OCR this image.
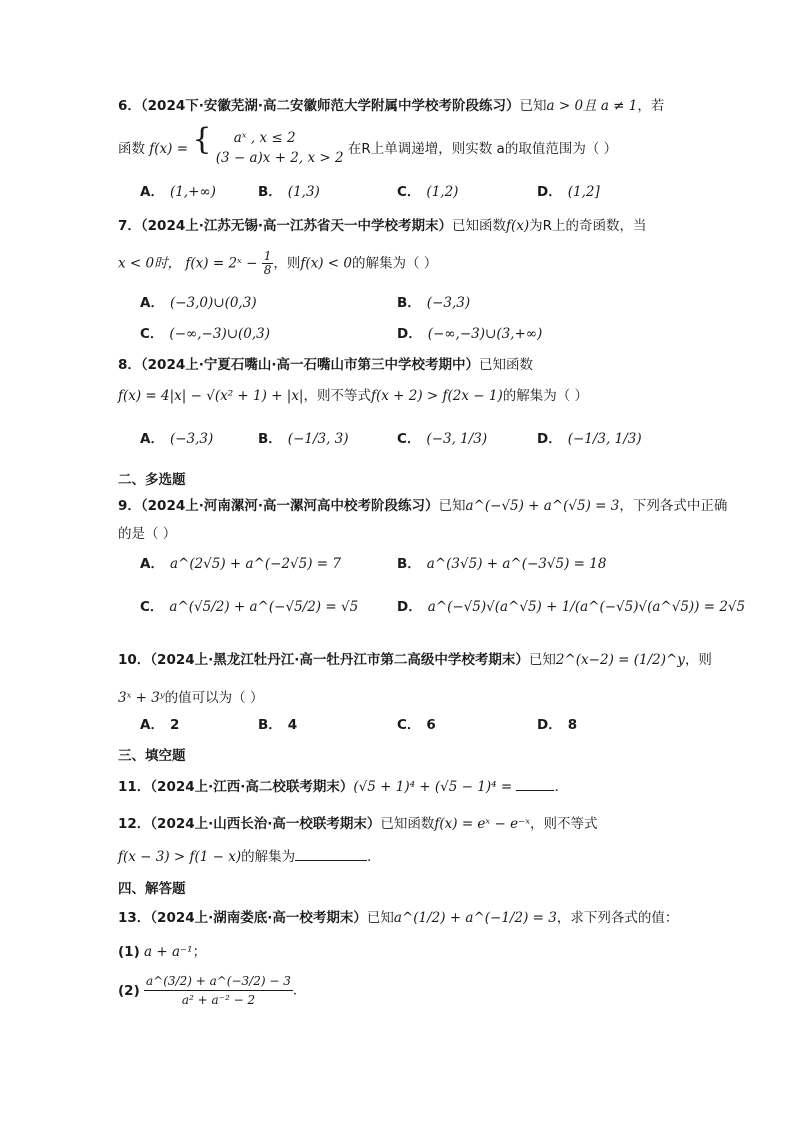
6．（2024下·安徽芜湖·高二安徽师范大学附属中学校考阶段练习）已知a > 0且 a ≠ 1，若
函数 f(x) = {	aˣ , x ≤ 2
(3 − a)x + 2, x > 2
在R上单调递增，则实数 a的取值范围为（ ）
A． (1,+∞)	B． (1,3)	C． (1,2)	D． (1,2]
7．（2024上·江苏无锡·高一江苏省天一中学校考期末）已知函数f(x)为R上的奇函数，当
x < 0时， f(x) = 2ˣ − $\frac{1}{8}$ ，则f(x) < 0的解集为（ ）
A． (−3,0)∪(0,3)	B． (−3,3)
C． (−∞,−3)∪(0,3)	D． (−∞,−3)∪(3,+∞)
8．（2024上·宁夏石嘴山·高一石嘴山市第三中学校考期中）已知函数
f(x) = 4|x| − √(x² + 1) + |x|，则不等式f(x + 2) > f(2x − 1)的解集为（ ）
A． (−3,3)	B． (−1/3, 3)	C． (−3, 1/3)	D． (−1/3, 1/3)
二、多选题
9．（2024上·河南漯河·高一漯河高中校考阶段练习）已知a^(−√5) + a^(√5) = 3，下列各式中正确
的是（ ）
A． a^(2√5) + a^(−2√5) = 7	B． a^(3√5) + a^(−3√5) = 18
C． a^(√5/2) + a^(−√5/2) = √5	D． a^(−√5)√(a^√5) + 1/(a^(−√5)√(a^√5)) = 2√5
10．（2024上·黑龙江牡丹江·高一牡丹江市第二高级中学校考期末）已知2^(x−2) = (1/2)^y，则
3ˣ + 3ʸ的值可以为（ ）
A． 2	B． 4	C． 6	D． 8
三、填空题
11．（2024上·江西·高二校联考期末）(√5 + 1)⁴ + (√5 − 1)⁴ =	．
12．（2024上·山西长治·高一校联考期末）已知函数f(x) = eˣ − e⁻ˣ，则不等式
f(x − 3) > f(1 − x)的解集为	．
四、解答题
13．（2024上·湖南娄底·高一校考期末）已知a^(1/2) + a^(−1/2) = 3，求下列各式的值：
(1) a + a⁻¹；
$(2) \frac{a\^{}(3/2) + a\^{}(-3/2) - 3}{\text{a² + a⁻² − 2}}$ ．
